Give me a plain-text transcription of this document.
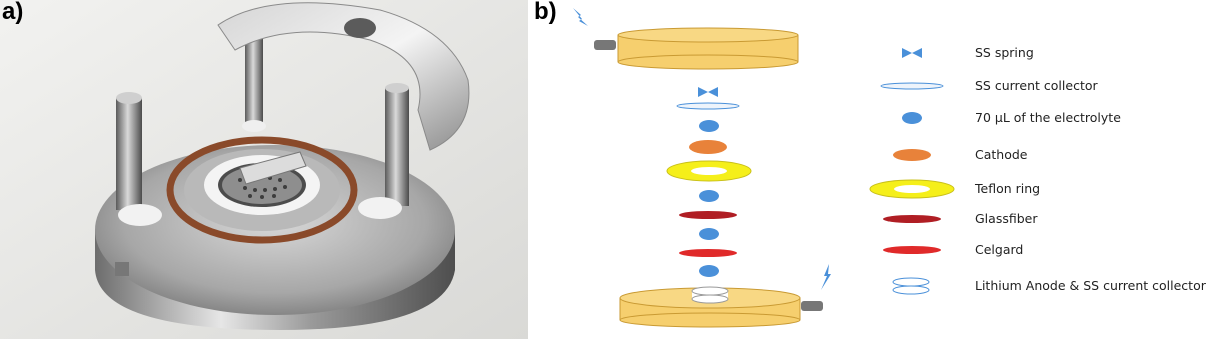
a)	b)
SS spring
SS current collector
70 µL of the electrolyte
Cathode
Teflon ring
Glassfiber
Celgard
Lithium Anode & SS current collector
